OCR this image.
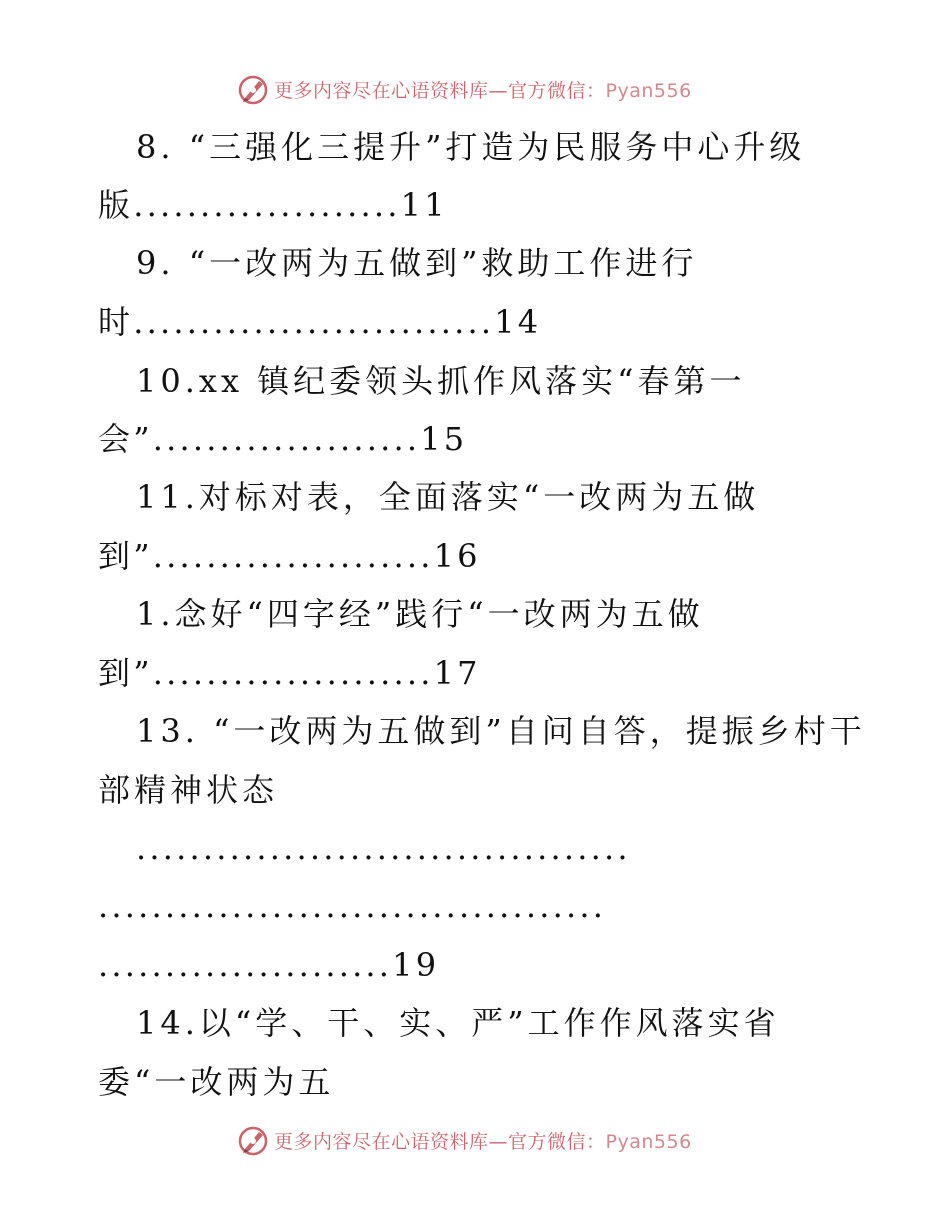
更多内容尽在心语资料库—官方微信：Pyan556
8. “三强化三提升”打造为民服务中心升级
版....................11
9. “一改两为五做到”救助工作进行
时...........................14
10.xx 镇纪委领头抓作风落实“春第一
会”....................15
11.对标对表，全面落实“一改两为五做
到”.....................16
1.念好“四字经”践行“一改两为五做
到”.....................17
13. “一改两为五做到”自问自答，提振乡村干
部精神状态
.....................................
......................................
......................19
14.以“学、干、实、严”工作作风落实省
委“一改两为五
更多内容尽在心语资料库—官方微信：Pyan556
